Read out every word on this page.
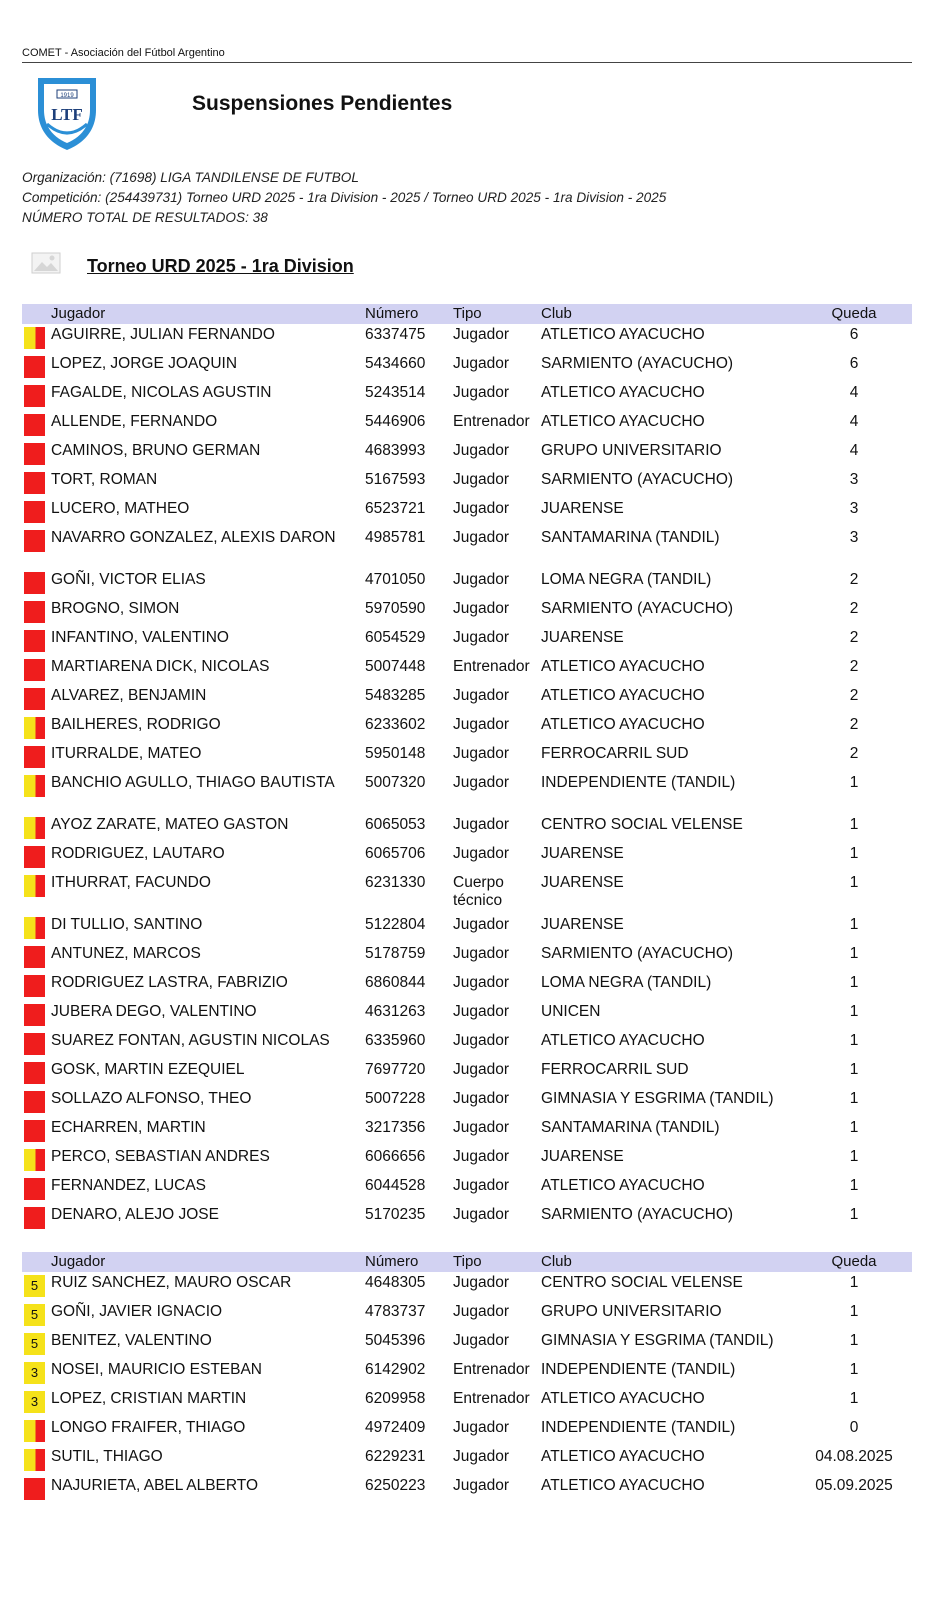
COMET - Asociación del Fútbol Argentino
1919
LTF	Suspensiones Pendientes
Organización: (71698) LIGA TANDILENSE DE FUTBOL
Competición: (254439731) Torneo URD 2025 - 1ra Division - 2025 / Torneo URD 2025 - 1ra Division - 2025
NÚMERO TOTAL DE RESULTADOS: 38
Torneo URD 2025 - 1ra Division
Jugador	Número Tipo	Club	Queda
AGUIRRE, JULIAN FERNANDO	6337475 Jugador	ATLETICO AYACUCHO	6
LOPEZ, JORGE JOAQUIN	5434660 Jugador	SARMIENTO (AYACUCHO)	6
FAGALDE, NICOLAS AGUSTIN	5243514 Jugador	ATLETICO AYACUCHO	4
ALLENDE, FERNANDO	5446906 Entrenador ATLETICO AYACUCHO	4
CAMINOS, BRUNO GERMAN	4683993 Jugador	GRUPO UNIVERSITARIO	4
TORT, ROMAN	5167593 Jugador	SARMIENTO (AYACUCHO)	3
LUCERO, MATHEO	6523721 Jugador	JUARENSE	3
NAVARRO GONZALEZ, ALEXIS DARON	4985781 Jugador	SANTAMARINA (TANDIL)	3
GOÑI, VICTOR ELIAS	4701050 Jugador	LOMA NEGRA (TANDIL)	2
BROGNO, SIMON	5970590 Jugador	SARMIENTO (AYACUCHO)	2
INFANTINO, VALENTINO	6054529 Jugador	JUARENSE	2
MARTIARENA DICK, NICOLAS	5007448 Entrenador ATLETICO AYACUCHO	2
ALVAREZ, BENJAMIN	5483285 Jugador	ATLETICO AYACUCHO	2
BAILHERES, RODRIGO	6233602 Jugador	ATLETICO AYACUCHO	2
ITURRALDE, MATEO	5950148 Jugador	FERROCARRIL SUD	2
BANCHIO AGULLO, THIAGO BAUTISTA	5007320 Jugador	INDEPENDIENTE (TANDIL)	1
AYOZ ZARATE, MATEO GASTON	6065053 Jugador	CENTRO SOCIAL VELENSE	1
RODRIGUEZ, LAUTARO	6065706 Jugador	JUARENSE	1
ITHURRAT, FACUNDO	6231330 Cuerpo técnico
JUARENSE	1
DI TULLIO, SANTINO	5122804 Jugador	JUARENSE	1
ANTUNEZ, MARCOS	5178759 Jugador	SARMIENTO (AYACUCHO)	1
RODRIGUEZ LASTRA, FABRIZIO	6860844 Jugador	LOMA NEGRA (TANDIL)	1
JUBERA DEGO, VALENTINO	4631263 Jugador	UNICEN	1
SUAREZ FONTAN, AGUSTIN NICOLAS	6335960 Jugador	ATLETICO AYACUCHO	1
GOSK, MARTIN EZEQUIEL	7697720 Jugador	FERROCARRIL SUD	1
SOLLAZO ALFONSO, THEO	5007228 Jugador	GIMNASIA Y ESGRIMA (TANDIL)	1
ECHARREN, MARTIN	3217356 Jugador	SANTAMARINA (TANDIL)	1
PERCO, SEBASTIAN ANDRES	6066656 Jugador	JUARENSE	1
FERNANDEZ, LUCAS	6044528 Jugador	ATLETICO AYACUCHO	1
DENARO, ALEJO JOSE	5170235 Jugador	SARMIENTO (AYACUCHO)	1
Jugador	Número Tipo	Club	Queda
5 RUIZ SANCHEZ, MAURO OSCAR	4648305 Jugador	CENTRO SOCIAL VELENSE	1
5 GOÑI, JAVIER IGNACIO	4783737 Jugador	GRUPO UNIVERSITARIO	1
5 BENITEZ, VALENTINO	5045396 Jugador	GIMNASIA Y ESGRIMA (TANDIL)	1
3 NOSEI, MAURICIO ESTEBAN	6142902 Entrenador INDEPENDIENTE (TANDIL)	1
3 LOPEZ, CRISTIAN MARTIN	6209958 Entrenador ATLETICO AYACUCHO	1
LONGO FRAIFER, THIAGO	4972409 Jugador	INDEPENDIENTE (TANDIL)	0
SUTIL, THIAGO	6229231 Jugador	ATLETICO AYACUCHO	04.08.2025
NAJURIETA, ABEL ALBERTO	6250223 Jugador	ATLETICO AYACUCHO	05.09.2025
